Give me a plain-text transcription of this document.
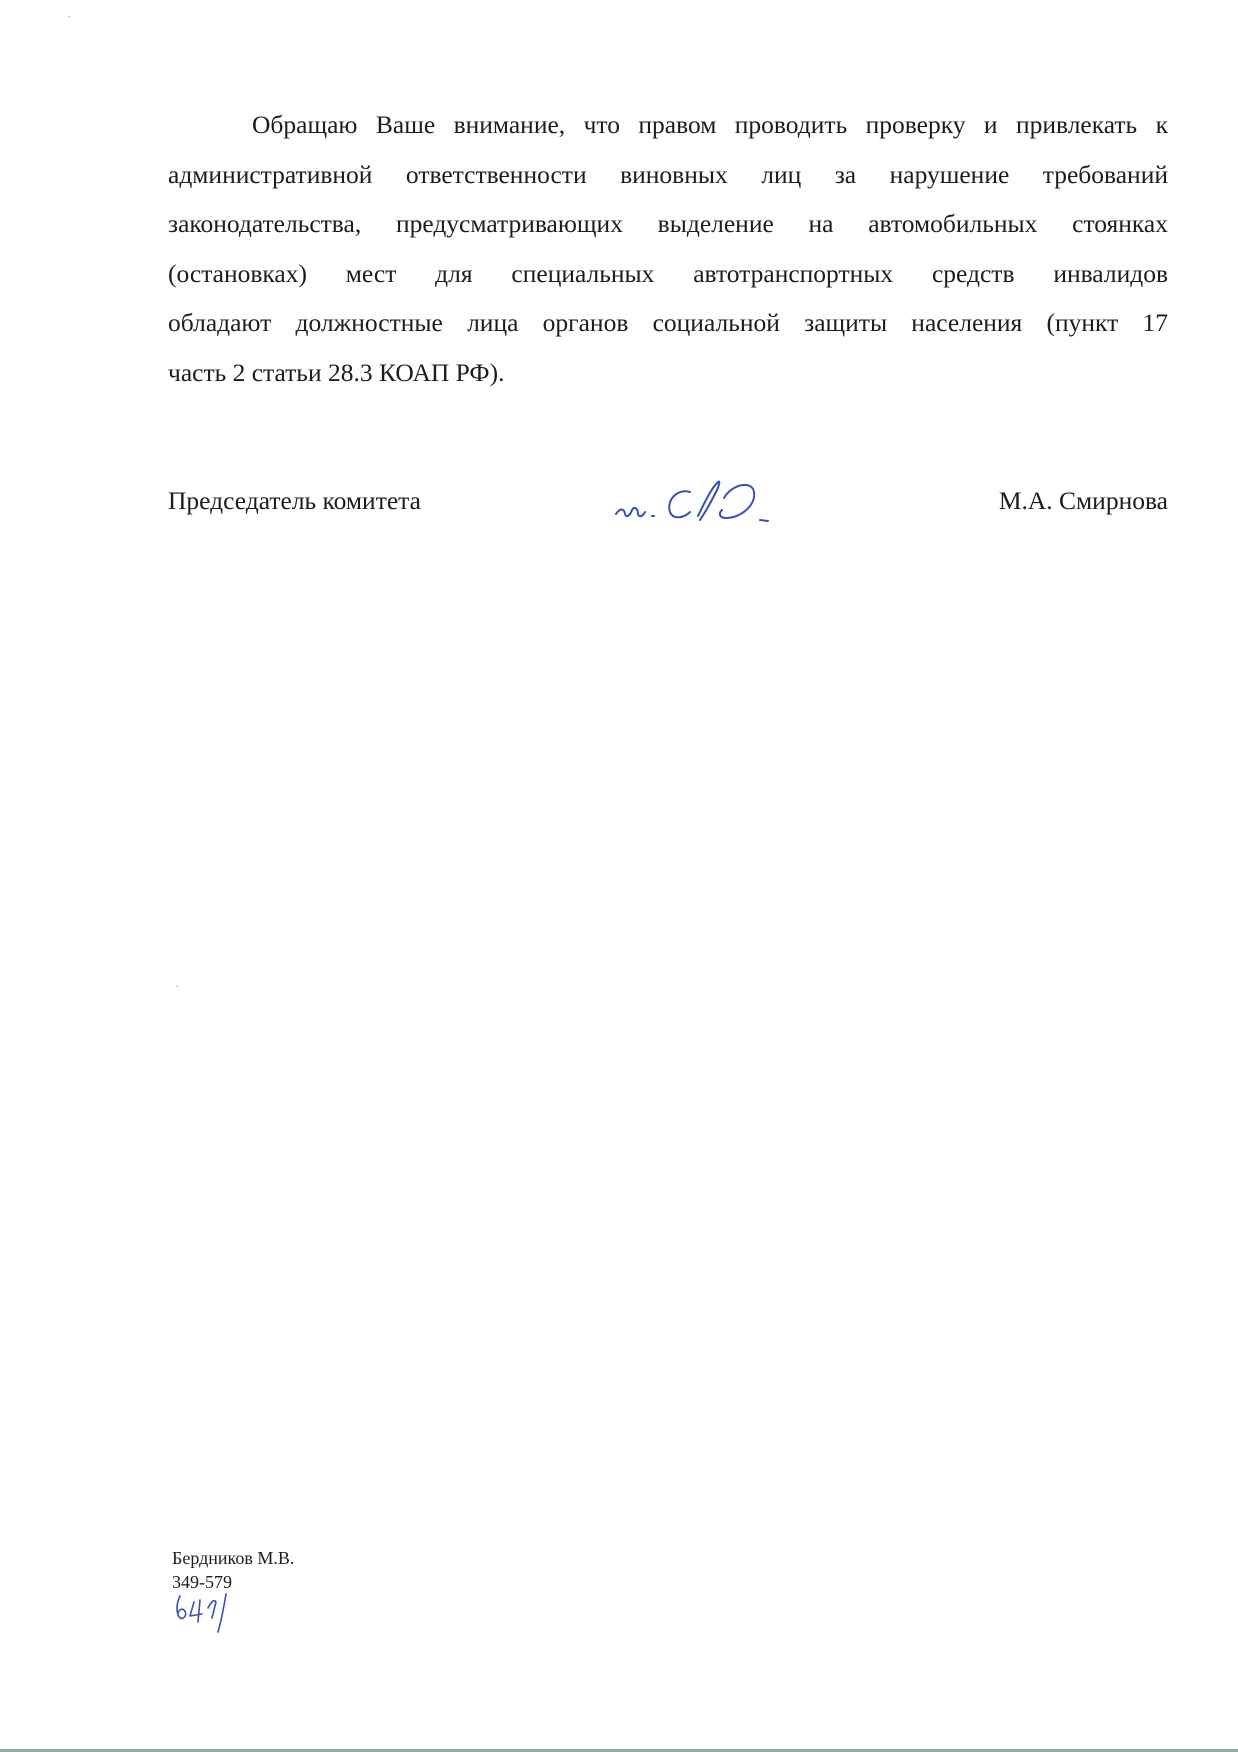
Обращаю Ваше внимание, что правом проводить проверку и привлекать к
административной ответственности виновных лиц за нарушение требований
законодательства, предусматривающих выделение на автомобильных стоянках
(остановках) мест для специальных автотранспортных средств инвалидов
обладают должностные лица органов социальной защиты населения (пункт 17
часть 2 статьи 28.3 КОАП РФ).
Председатель комитета	М.А. Смирнова
Бердников М.В.
349-579
